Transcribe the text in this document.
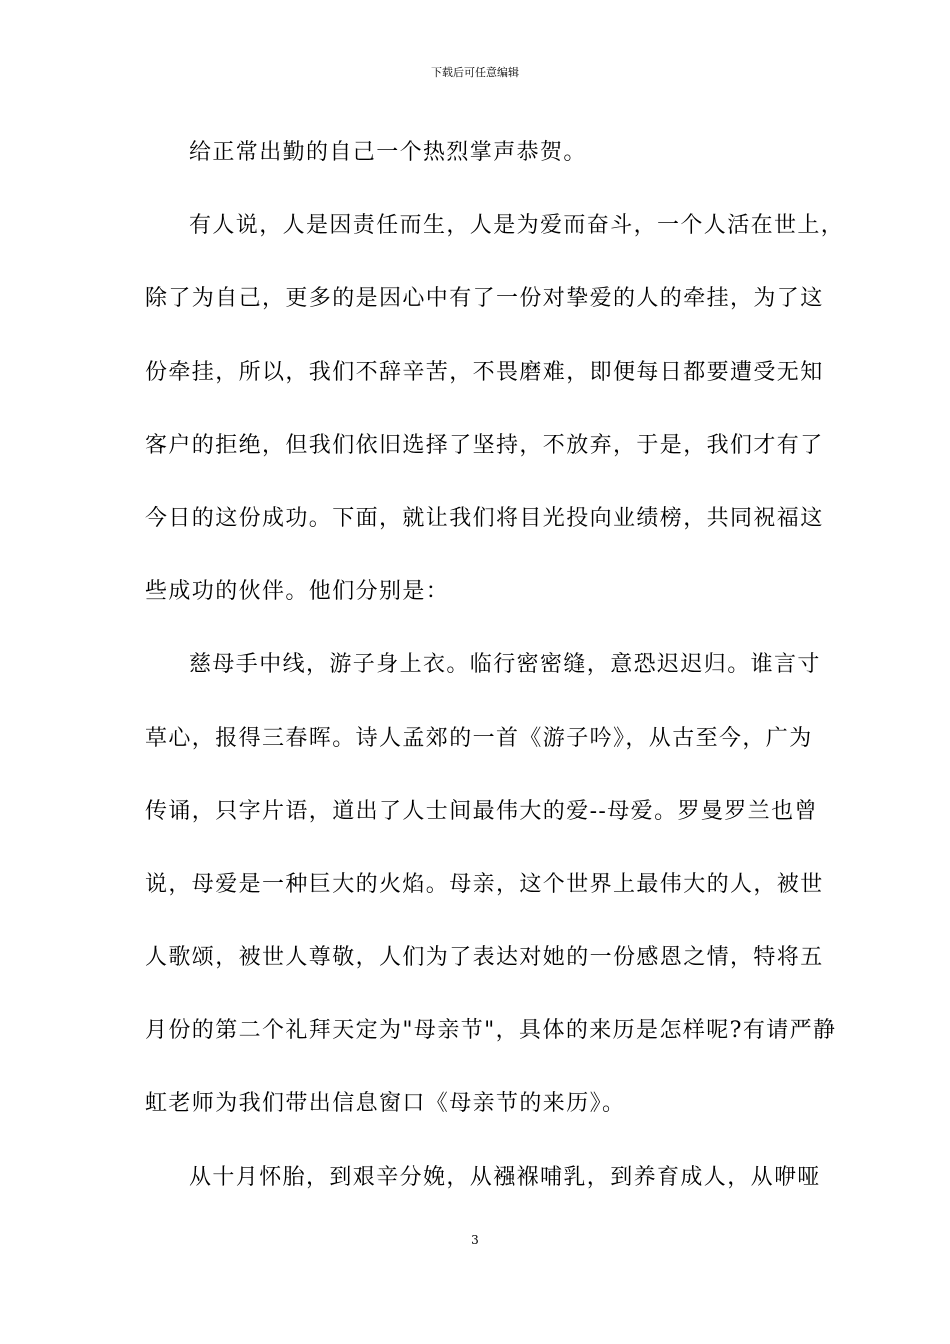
下载后可任意编辑
给正常出勤的自己一个热烈掌声恭贺。
有人说，人是因责任而生，人是为爱而奋斗，一个人活在世上，
除了为自己，更多的是因心中有了一份对挚爱的人的牵挂，为了这
份牵挂，所以，我们不辞辛苦，不畏磨难，即便每日都要遭受无知
客户的拒绝，但我们依旧选择了坚持，不放弃，于是，我们才有了
今日的这份成功。下面，就让我们将目光投向业绩榜，共同祝福这
些成功的伙伴。他们分别是：
慈母手中线，游子身上衣。临行密密缝，意恐迟迟归。谁言寸
草心，报得三春晖。诗人孟郊的一首《游子吟》，从古至今，广为
传诵，只字片语，道出了人士间最伟大的爱--母爱。罗曼罗兰也曾
说，母爱是一种巨大的火焰。母亲，这个世界上最伟大的人，被世
人歌颂，被世人尊敬，人们为了表达对她的一份感恩之情，特将五
月份的第二个礼拜天定为"母亲节"，具体的来历是怎样呢?有请严静
虹老师为我们带出信息窗口《母亲节的来历》。
从十月怀胎，到艰辛分娩，从襁褓哺乳，到养育成人，从咿哑
3
